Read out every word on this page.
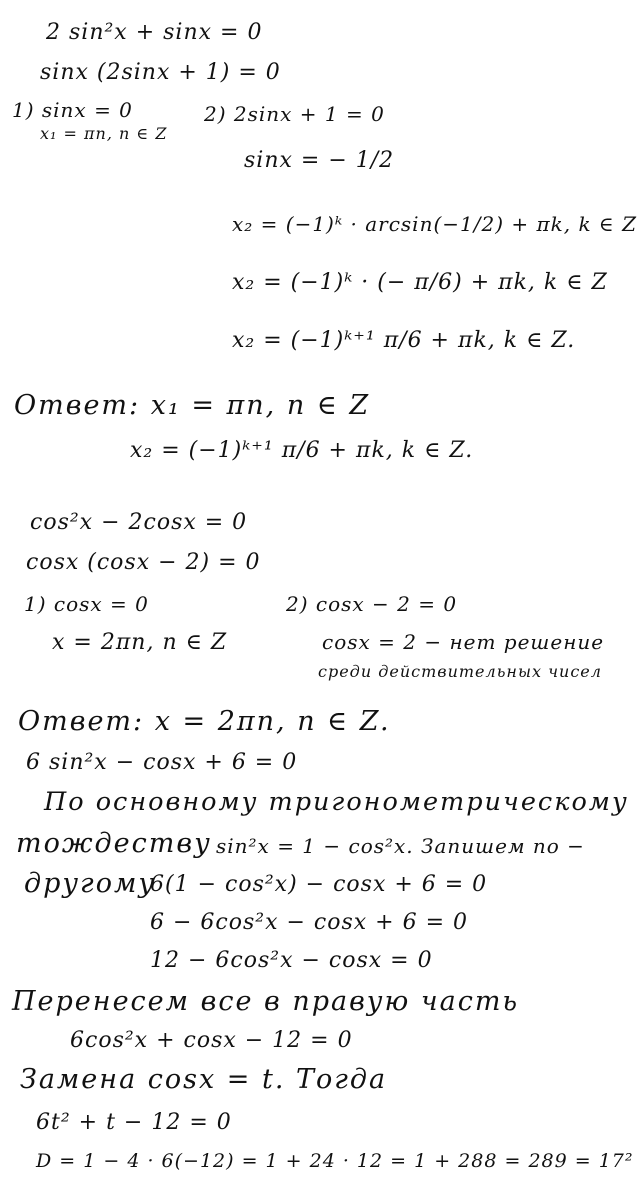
2 sin²x + sinx = 0
sinx (2sinx + 1) = 0
1) sinx = 0
x₁ = πn, n ∈ Z
2) 2sinx + 1 = 0
sinx = − 1/2
x₂ = (−1)ᵏ · arcsin(−1/2) + πk, k ∈ Z
x₂ = (−1)ᵏ · (− π/6) + πk, k ∈ Z
x₂ = (−1)ᵏ⁺¹ π/6 + πk, k ∈ Z.
Ответ: x₁ = πn, n ∈ Z
x₂ = (−1)ᵏ⁺¹ π/6 + πk, k ∈ Z.
cos²x − 2cosx = 0
cosx (cosx − 2) = 0
1) cosx = 0	2) cosx − 2 = 0
x = 2πn, n ∈ Z	cosx = 2 − нет решение
среди действительных чисел
Ответ: x = 2πn, n ∈ Z.
6 sin²x − cosx + 6 = 0
По основному тригонометрическому
тождеству sin²x = 1 − cos²x. Запишем по −
другому
6(1 − cos²x) − cosx + 6 = 0
6 − 6cos²x − cosx + 6 = 0
12 − 6cos²x − cosx = 0
Перенесем все в правую часть
6cos²x + cosx − 12 = 0
Замена cosx = t. Тогда
6t² + t − 12 = 0
D = 1 − 4 · 6(−12) = 1 + 24 · 12 = 1 + 288 = 289 = 17²
